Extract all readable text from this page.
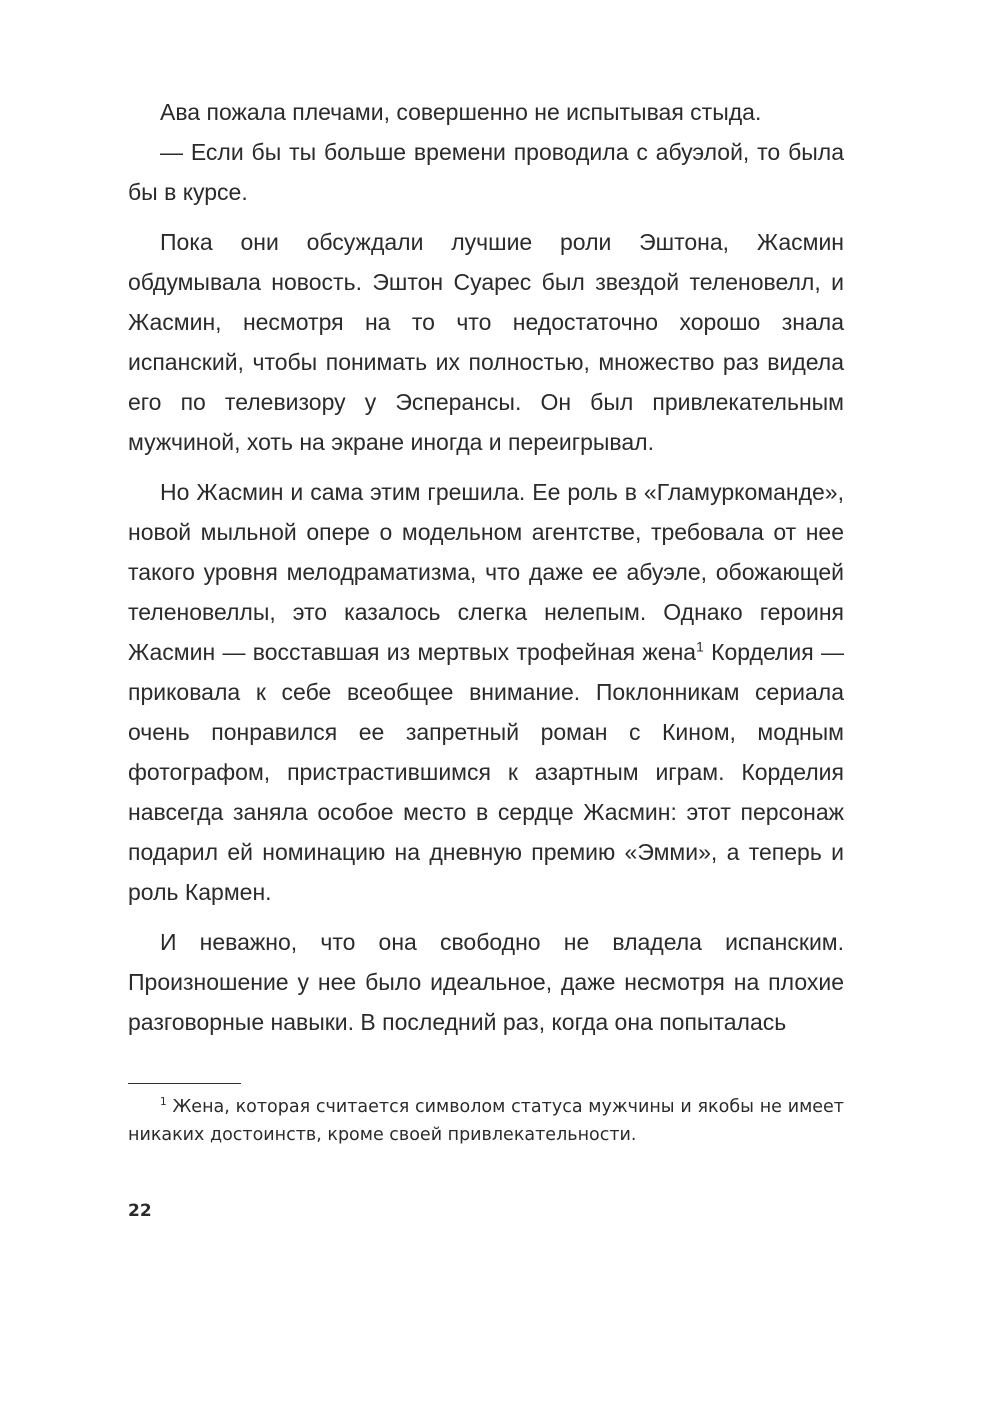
Ава пожала плечами, совершенно не испытывая стыда.

— Если бы ты больше времени проводила с абуэлой, то была бы в курсе.

Пока они обсуждали лучшие роли Эштона, Жасмин обдумывала новость. Эштон Суарес был звездой теленовелл, и Жасмин, несмотря на то что недостаточно хорошо знала испанский, чтобы понимать их полностью, множество раз видела его по телевизору у Эсперансы. Он был привлекательным мужчиной, хоть на экране иногда и переигрывал.

Но Жасмин и сама этим грешила. Ее роль в «Гламуркоманде», новой мыльной опере о модельном агентстве, требовала от нее такого уровня мелодраматизма, что даже ее абуэле, обожающей теленовеллы, это казалось слегка нелепым. Однако героиня Жасмин — восставшая из мертвых трофейная жена$^1$ Корделия — приковала к себе всеобщее внимание. Поклонникам сериала очень понравился ее запретный роман с Кином, модным фотографом, пристрастившимся к азартным играм. Корделия навсегда заняла особое место в сердце Жасмин: этот персонаж подарил ей номинацию на дневную премию «Эмми», а теперь и роль Кармен.

И неважно, что она свободно не владела испанским. Произношение у нее было идеальное, даже несмотря на плохие разговорные навыки. В последний раз, когда она попыталась

$^1$ Жена, которая считается символом статуса мужчины и якобы не имеет никаких достоинств, кроме своей привлекательности.

22
